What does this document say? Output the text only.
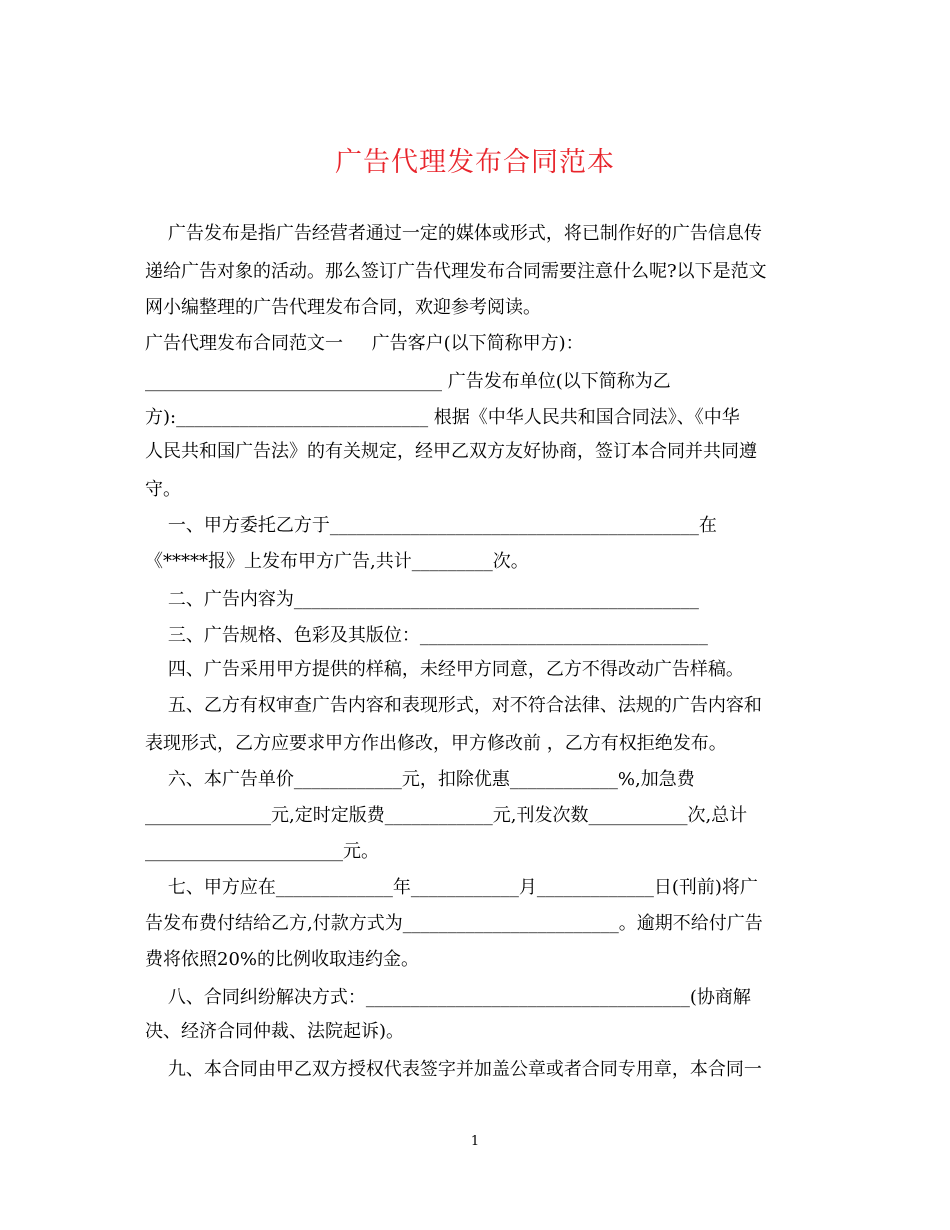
广告代理发布合同范本
广告发布是指广告经营者通过一定的媒体或形式，将已制作好的广告信息传
递给广告对象的活动。那么签订广告代理发布合同需要注意什么呢?以下是范文
网小编整理的广告代理发布合同，欢迎参考阅读。
广告代理发布合同范文一     广告客户(以下简称甲方)：
_________________________________ 广告发布单位(以下简称为乙
方):____________________________ 根据《中华人民共和国合同法》、《中华
人民共和国广告法》的有关规定，经甲乙双方友好协商，签订本合同并共同遵
守。
一、甲方委托乙方于_________________________________________在
《*****报》上发布甲方广告,共计_________次。
二、广告内容为_____________________________________________
三、广告规格、色彩及其版位：________________________________
四、广告采用甲方提供的样稿，未经甲方同意，乙方不得改动广告样稿。
五、乙方有权审查广告内容和表现形式，对不符合法律、法规的广告内容和
表现形式，乙方应要求甲方作出修改，甲方修改前 ，乙方有权拒绝发布。
六、本广告单价____________元，扣除优惠____________%,加急费
______________元,定时定版费____________元,刊发次数___________次,总计
______________________元。
七、甲方应在_____________年____________月_____________日(刊前)将广
告发布费付结给乙方,付款方式为________________________。逾期不给付广告
费将依照20%的比例收取违约金。
八、合同纠纷解决方式：____________________________________(协商解
决、经济合同仲裁、法院起诉)。
九、本合同由甲乙双方授权代表签字并加盖公章或者合同专用章，本合同一
1
